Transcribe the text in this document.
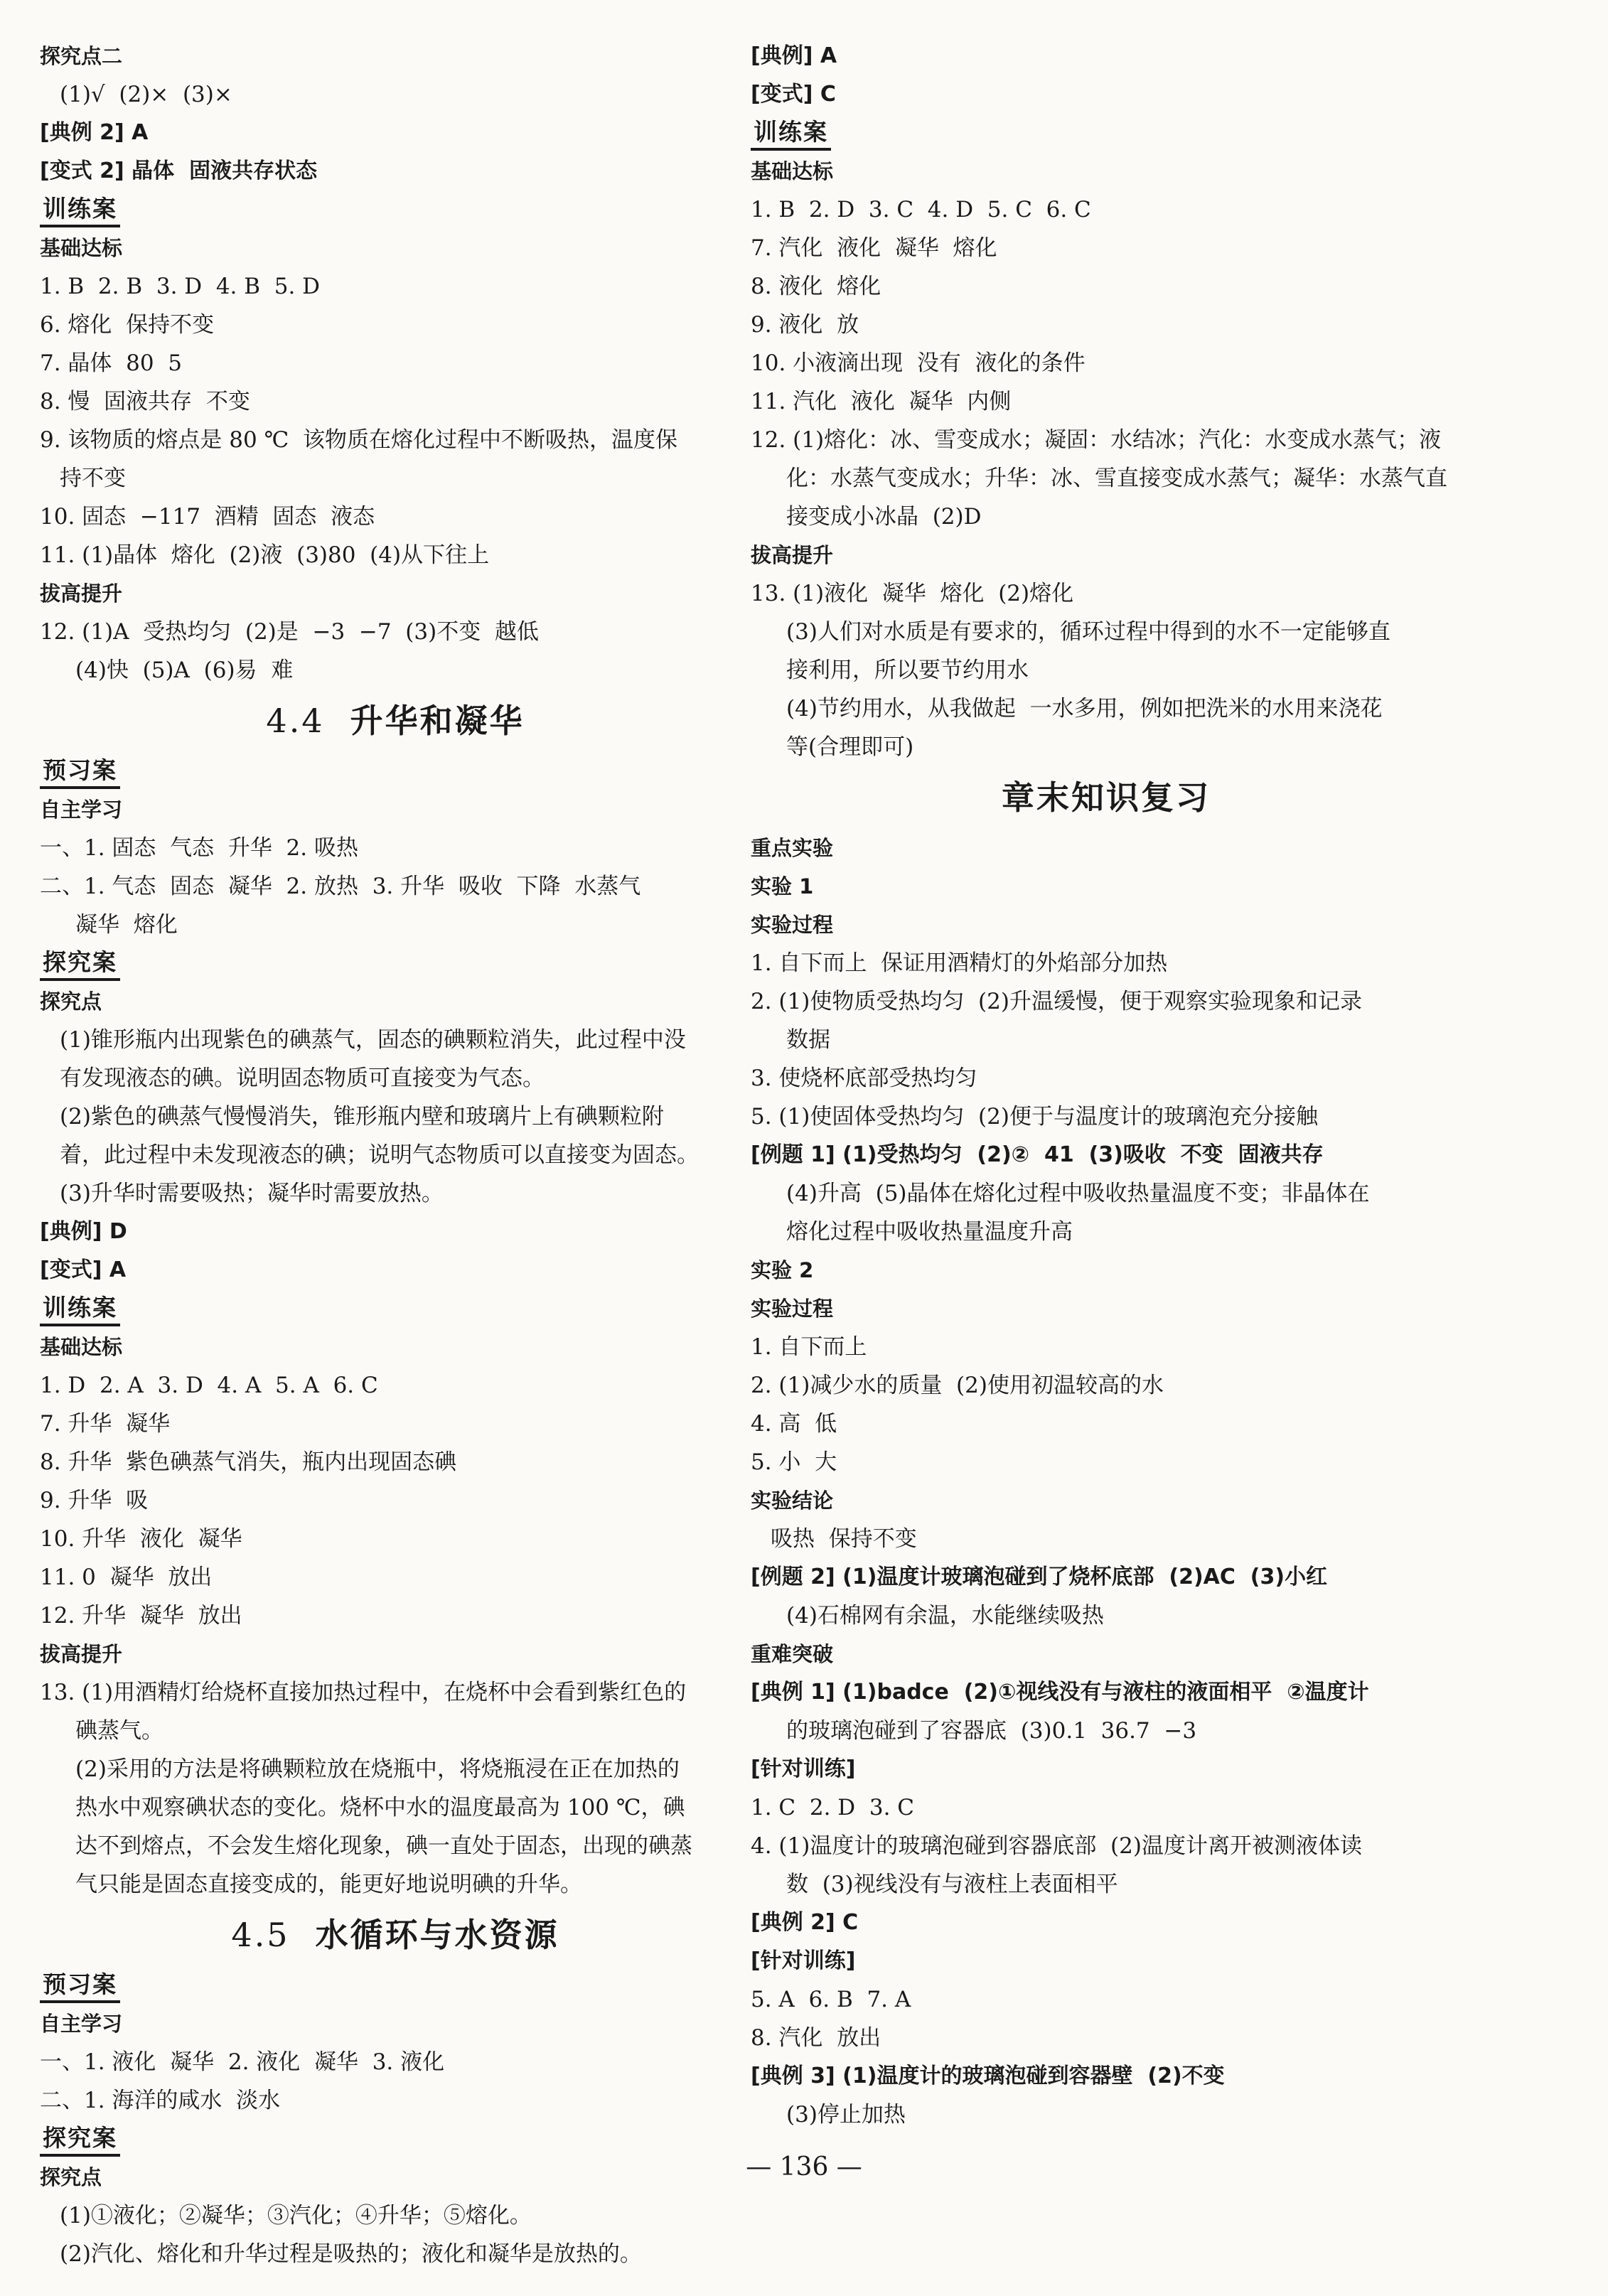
探究点二
(1)√  (2)×  (3)×
[典例 2] A
[变式 2] 晶体  固液共存状态
训练案
基础达标
1. B  2. B  3. D  4. B  5. D
6. 熔化  保持不变
7. 晶体  80  5
8. 慢  固液共存  不变
9. 该物质的熔点是 80 ℃  该物质在熔化过程中不断吸热，温度保
持不变
10. 固态  −117  酒精  固态  液态
11. (1)晶体  熔化  (2)液  (3)80  (4)从下往上
拔高提升
12. (1)A  受热均匀  (2)是  −3  −7  (3)不变  越低
(4)快  (5)A  (6)易  难
4.4 升华和凝华
预习案
自主学习
一、1. 固态  气态  升华  2. 吸热
二、1. 气态  固态  凝华  2. 放热  3. 升华  吸收  下降  水蒸气
凝华  熔化
探究案
探究点
(1)锥形瓶内出现紫色的碘蒸气，固态的碘颗粒消失，此过程中没
有发现液态的碘。说明固态物质可直接变为气态。
(2)紫色的碘蒸气慢慢消失，锥形瓶内壁和玻璃片上有碘颗粒附
着，此过程中未发现液态的碘；说明气态物质可以直接变为固态。
(3)升华时需要吸热；凝华时需要放热。
[典例] D
[变式] A
训练案
基础达标
1. D  2. A  3. D  4. A  5. A  6. C
7. 升华  凝华
8. 升华  紫色碘蒸气消失，瓶内出现固态碘
9. 升华  吸
10. 升华  液化  凝华
11. 0  凝华  放出
12. 升华  凝华  放出
拔高提升
13. (1)用酒精灯给烧杯直接加热过程中，在烧杯中会看到紫红色的
碘蒸气。
(2)采用的方法是将碘颗粒放在烧瓶中，将烧瓶浸在正在加热的
热水中观察碘状态的变化。烧杯中水的温度最高为 100 ℃，碘
达不到熔点，不会发生熔化现象，碘一直处于固态，出现的碘蒸
气只能是固态直接变成的，能更好地说明碘的升华。
4.5 水循环与水资源
预习案
自主学习
一、1. 液化  凝华  2. 液化  凝华  3. 液化
二、1. 海洋的咸水  淡水
探究案
探究点
(1)①液化；②凝华；③汽化；④升华；⑤熔化。
(2)汽化、熔化和升华过程是吸热的；液化和凝华是放热的。
[典例] A
[变式] C
训练案
基础达标
1. B  2. D  3. C  4. D  5. C  6. C
7. 汽化  液化  凝华  熔化
8. 液化  熔化
9. 液化  放
10. 小液滴出现  没有  液化的条件
11. 汽化  液化  凝华  内侧
12. (1)熔化：冰、雪变成水；凝固：水结冰；汽化：水变成水蒸气；液
化：水蒸气变成水；升华：冰、雪直接变成水蒸气；凝华：水蒸气直
接变成小冰晶  (2)D
拔高提升
13. (1)液化  凝华  熔化  (2)熔化
(3)人们对水质是有要求的，循环过程中得到的水不一定能够直
接利用，所以要节约用水
(4)节约用水，从我做起  一水多用，例如把洗米的水用来浇花
等(合理即可)
章末知识复习
重点实验
实验 1
实验过程
1. 自下而上  保证用酒精灯的外焰部分加热
2. (1)使物质受热均匀  (2)升温缓慢，便于观察实验现象和记录
数据
3. 使烧杯底部受热均匀
5. (1)使固体受热均匀  (2)便于与温度计的玻璃泡充分接触
[例题 1] (1)受热均匀  (2)②  41  (3)吸收  不变  固液共存
(4)升高  (5)晶体在熔化过程中吸收热量温度不变；非晶体在
熔化过程中吸收热量温度升高
实验 2
实验过程
1. 自下而上
2. (1)减少水的质量  (2)使用初温较高的水
4. 高  低
5. 小  大
实验结论
吸热  保持不变
[例题 2] (1)温度计玻璃泡碰到了烧杯底部  (2)AC  (3)小红
(4)石棉网有余温，水能继续吸热
重难突破
[典例 1] (1)badce  (2)①视线没有与液柱的液面相平  ②温度计
的玻璃泡碰到了容器底  (3)0.1  36.7  −3
[针对训练]
1. C  2. D  3. C
4. (1)温度计的玻璃泡碰到容器底部  (2)温度计离开被测液体读
数  (3)视线没有与液柱上表面相平
[典例 2] C
[针对训练]
5. A  6. B  7. A
8. 汽化  放出
[典例 3] (1)温度计的玻璃泡碰到容器壁  (2)不变
(3)停止加热
— 136 —
